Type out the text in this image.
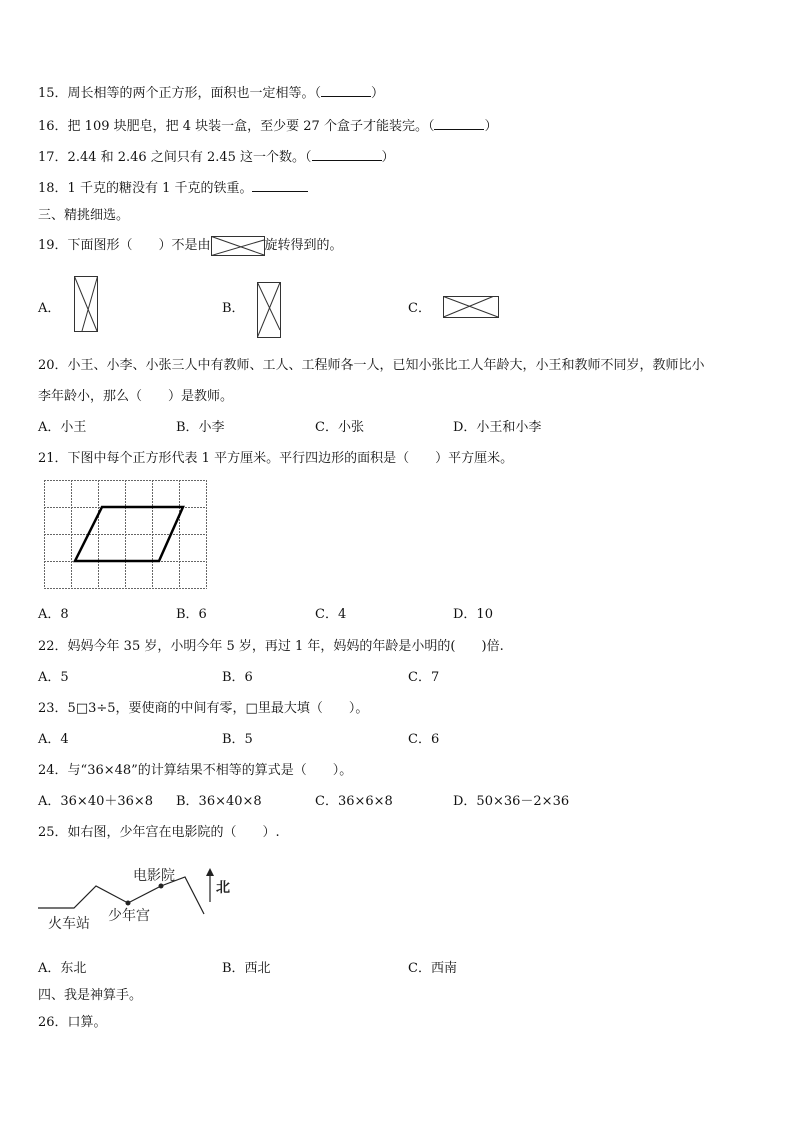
15．周长相等的两个正方形，面积也一定相等。（	）
16．把 109 块肥皂，把 4 块装一盒，至少要 27 个盒子才能装完。（	）
17．2.44 和 2.46 之间只有 2.45 这一个数。（	）
18．1 千克的糖没有 1 千克的铁重。
三、精挑细选。
19．下面图形（　　）不是由	旋转得到的。
A．	B．	C．
20．小王、小李、小张三人中有教师、工人、工程师各一人，已知小张比工人年龄大，小王和教师不同岁，教师比小
李年龄小，那么（　　）是教师。
A．小王	B．小李	C．小张	D．小王和小李
21．下图中每个正方形代表 1 平方厘米。平行四边形的面积是（　　）平方厘米。
A．8	B．6	C．4	D．10
22．妈妈今年 35 岁，小明今年 5 岁，再过 1 年，妈妈的年龄是小明的(　　)倍.
A．5	B．6	C．7
23．5□3÷5，要使商的中间有零，□里最大填（　　）。
A．4	B．5	C．6
24．与“36×48”的计算结果不相等的算式是（　　）。
A．36×40＋36×8 B．36×40×8	C．36×6×8	D．50×36－2×36
25．如右图，少年宫在电影院的（　　）.
电影院
火车站 少年宫
北
A．东北	B．西北	C．西南
四、我是神算手。
26．口算。
